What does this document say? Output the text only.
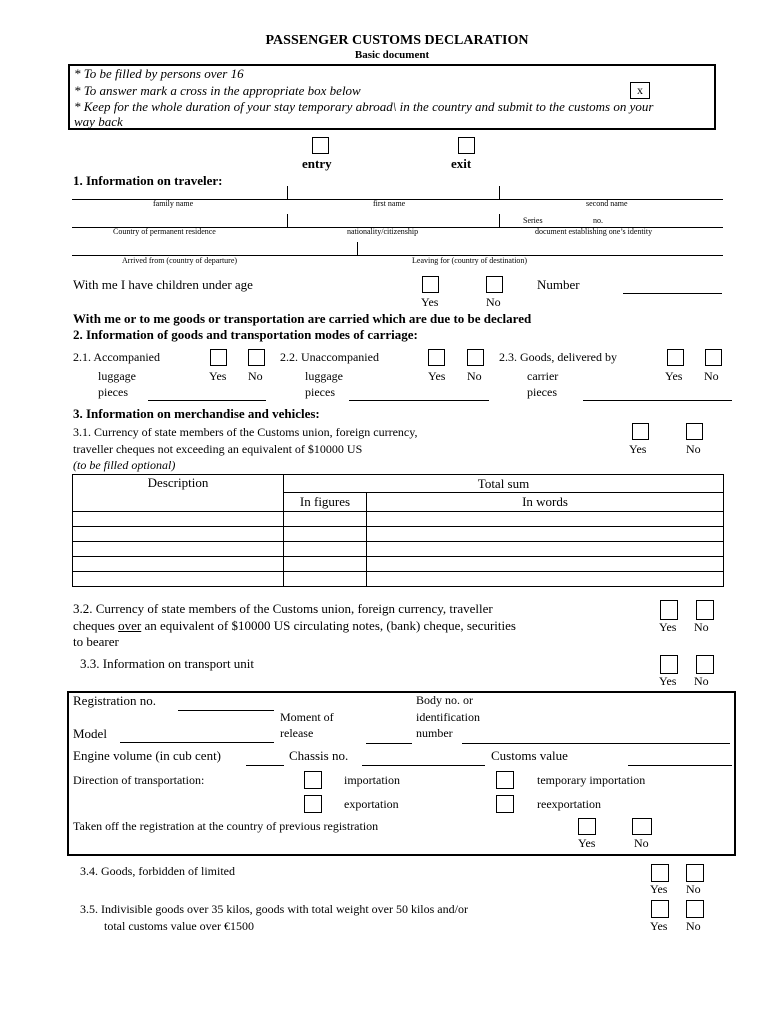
PASSENGER CUSTOMS DECLARATION
Basic document
* To be filled by persons over 16
* To answer mark a cross in the appropriate box below
* Keep for the whole duration of your stay temporary abroad\ in the country and submit to the customs on your
way back
x
entry	exit
1. Information on traveler:
family name	first name	second name
Series	no.
Country of permanent residence	nationality/citizenship	document establishing one’s identity
Arrived from (country of departure)	Leaving for (country of destination)
With me I have children under age
Yes	No
Number
With me or to me goods or transportation are carried which are due to be declared
2. Information of goods and transportation modes of carriage:
2.1. Accompanied
luggage
pieces
Yes No
2.2. Unaccompanied
luggage
pieces
Yes No
2.3. Goods, delivered by
carrier
pieces
Yes No
3. Information on merchandise and vehicles:
3.1. Currency of state members of the Customs union, foreign currency,
traveller cheques not exceeding an equivalent of $10000 US
(to be filled optional)
Yes	No
Description	Total sum	
	In figures	In words

3.2. Currency of state members of the Customs union, foreign currency, traveller
cheques over an equivalent of $10000 US circulating notes, (bank) cheque, securities
to bearer
Yes No
3.3. Information on transport unit
Yes No
Registration no.
Moment of
release
Body no. or
identification
number
Model
Engine volume (in cub cent)	Chassis no.	Customs value
Direction of transportation:	importation	temporary importation
exportation	reexportation
Taken off the registration at the country of previous registration
Yes	No
3.4. Goods, forbidden of limited
Yes No
3.5. Indivisible goods over 35 kilos, goods with total weight over 50 kilos and/or
total customs value over €1500	Yes No
